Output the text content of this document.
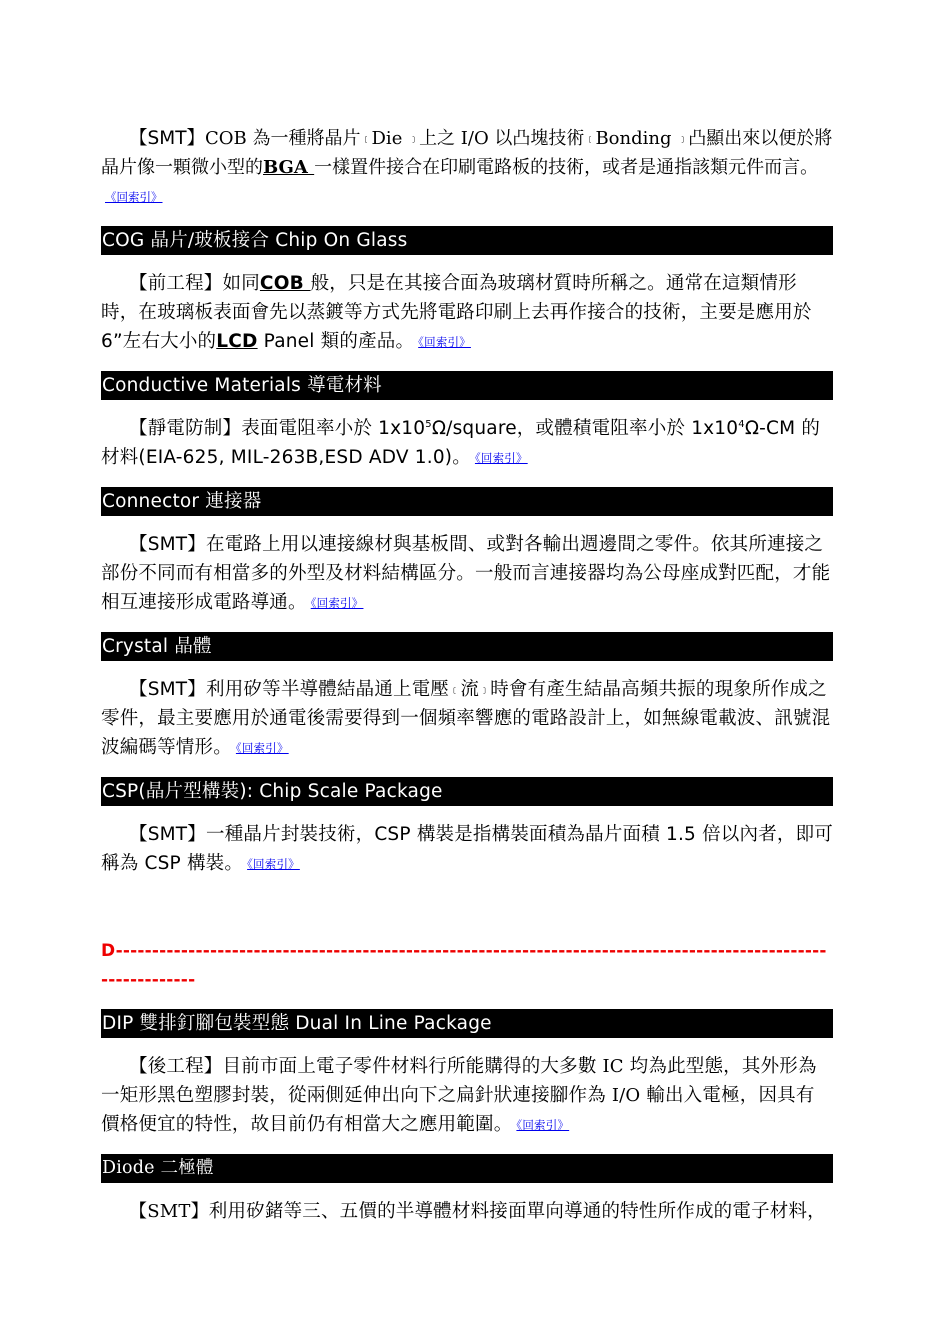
【SMT】COB 為一種將晶片﹝Die ﹞上之 I/O 以凸塊技術﹝Bonding ﹞凸顯出來以便於將晶片像一顆微小型的BGA 一樣置件接合在印刷電路板的技術，或者是通指該類元件而言。《回索引》

COG 晶片/玻板接合 Chip On Glass

【前工程】如同COB 般，只是在其接合面為玻璃材質時所稱之。通常在這類情形時，在玻璃板表面會先以蒸鍍等方式先將電路印刷上去再作接合的技術，主要是應用於 6”左右大小的LCD Panel 類的產品。 《回索引》

Conductive Materials 導電材料

【靜電防制】表面電阻率小於 $1x10^5\Omega$/square，或體積電阻率小於 $1x10^4\Omega-CM$ 的材料(EIA-625, MIL-263B,ESD ADV 1.0)。 《回索引》

Connector 連接器

【SMT】在電路上用以連接線材與基板間、或對各輸出週邊間之零件。依其所連接之部份不同而有相當多的外型及材料結構區分。一般而言連接器均為公母座成對匹配，才能相互連接形成電路導通。 《回索引》

Crystal 晶體

【SMT】利用矽等半導體結晶通上電壓﹝流﹞時會有產生結晶高頻共振的現象所作成之零件，最主要應用於通電後需要得到一個頻率響應的電路設計上，如無線電載波、訊號混波編碼等情形。 《回索引》

CSP(晶片型構裝): Chip Scale Package

【SMT】一種晶片封裝技術，CSP 構裝是指構裝面積為晶片面積 1.5 倍以內者，即可稱為 CSP 構裝。 《回索引》

D---------------------------------------------------------------------------------------------------------------

DIP 雙排釘腳包裝型態 Dual In Line Package

【後工程】目前市面上電子零件材料行所能購得的大多數 IC 均為此型態，其外形為一矩形黑色塑膠封裝，從兩側延伸出向下之扁針狀連接腳作為 I/O 輸出入電極，因具有價格便宜的特性，故目前仍有相當大之應用範圍。 《回索引》

Diode 二極體

【SMT】利用矽鍺等三、五價的半導體材料接面單向導通的特性所作成的電子材料，
